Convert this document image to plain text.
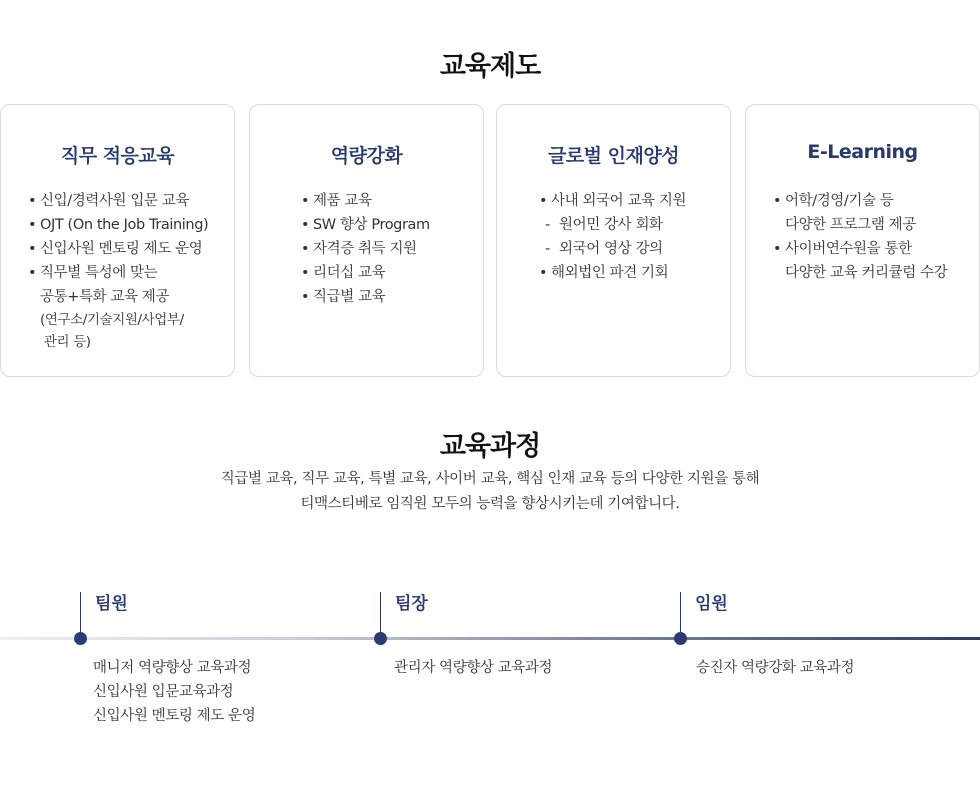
교육제도
직무 적응교육
• 신입/경력사원 입문 교육
• OJT (On the Job Training)
• 신입사원 멘토링 제도 운영
• 직무별 특성에 맞는
공통+특화 교육 제공
(연구소/기술지원/사업부/
관리 등)
역량강화
• 제품 교육
• SW 향상 Program
• 자격증 취득 지원
• 리더십 교육
• 직급별 교육
글로벌 인재양성
• 사내 외국어 교육 지원
- 원어민 강사 회화
- 외국어 영상 강의
• 해외법인 파견 기회
E-Learning
• 어학/경영/기술 등
다양한 프로그램 제공
• 사이버연수원을 통한
다양한 교육 커리큘럼 수강
교육과정
직급별 교육, 직무 교육, 특별 교육, 사이버 교육, 핵심 인재 교육 등의 다양한 지원을 통해
티맥스티베로 임직원 모두의 능력을 향상시키는데 기여합니다.
팀원
매니저 역량향상 교육과정
신입사원 입문교육과정
신입사원 멘토링 제도 운영
팀장
관리자 역량향상 교육과정
임원
승진자 역량강화 교육과정
